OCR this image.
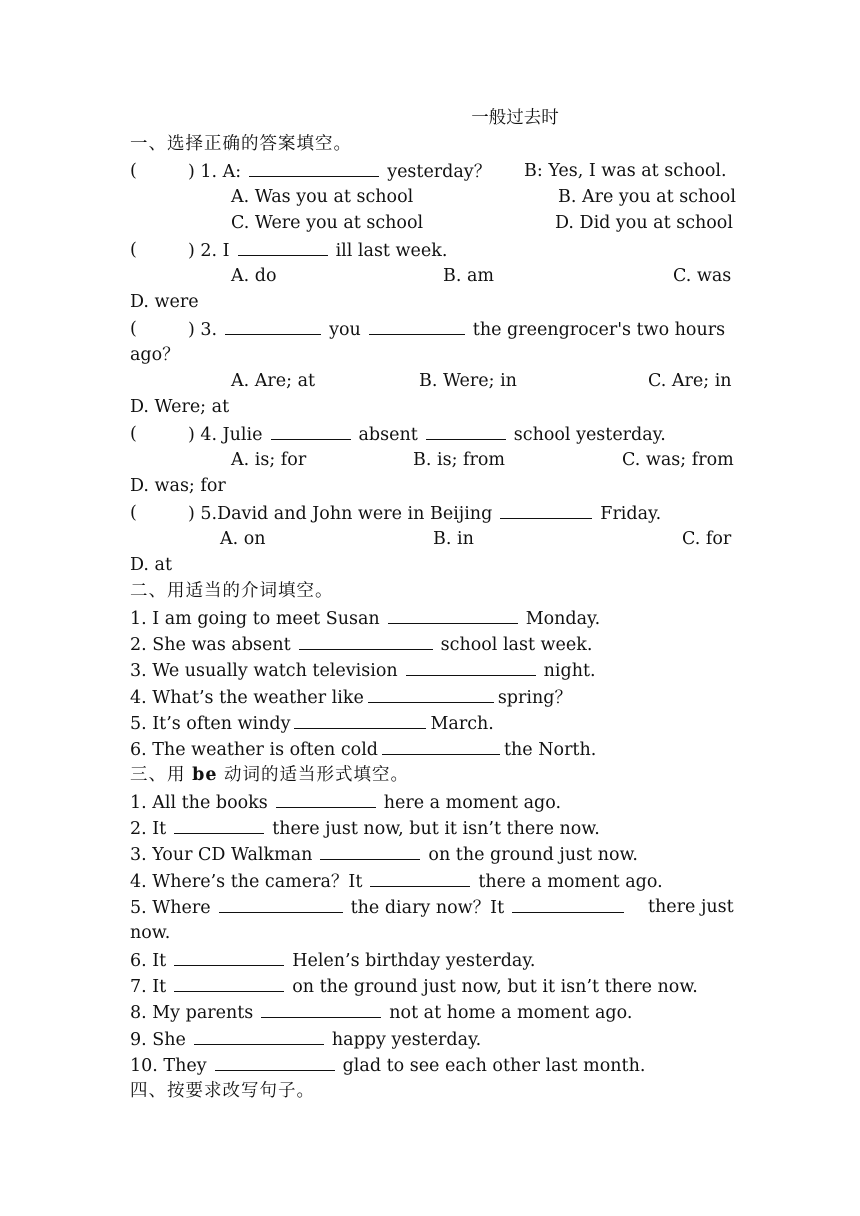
一般过去时
一、选择正确的答案填空。
(	) 1. A:	yesterday？ B: Yes, I was at school.
A. Was you at school	B. Are you at school
C. Were you at school	D. Did you at school
(	) 2. I	ill last week.
A. do	B. am	C. was
D. were
(	) 3.	you	the greengrocer's two hours
ago？
A. Are; at	B. Were; in	C. Are; in
D. Were; at
(	) 4. Julie	absent	school yesterday.
A. is; for	B. is; from	C. was; from
D. was; for
(	) 5.David and John were in Beijing	Friday.
A. on	B. in	C. for
D. at
二、用适当的介词填空。
1. I am going to meet Susan	Monday.
2. She was absent	school last week.
3. We usually watch television	night.
4. What’s the weather like	spring？
5. It’s often windy	March.
6. The weather is often cold	the North.
三、用 be 动词的适当形式填空。
1. All the books	here a moment ago.
2. It	there just now, but it isn’t there now.
3. Your CD Walkman	on the ground just now.
4. Where’s the camera？It	there a moment ago.
5. Where	the diary now？It	there just
now.
6. It	Helen’s birthday yesterday.
7. It	on the ground just now, but it isn’t there now.
8. My parents	not at home a moment ago.
9. She	happy yesterday.
10. They	glad to see each other last month.
四、按要求改写句子。
